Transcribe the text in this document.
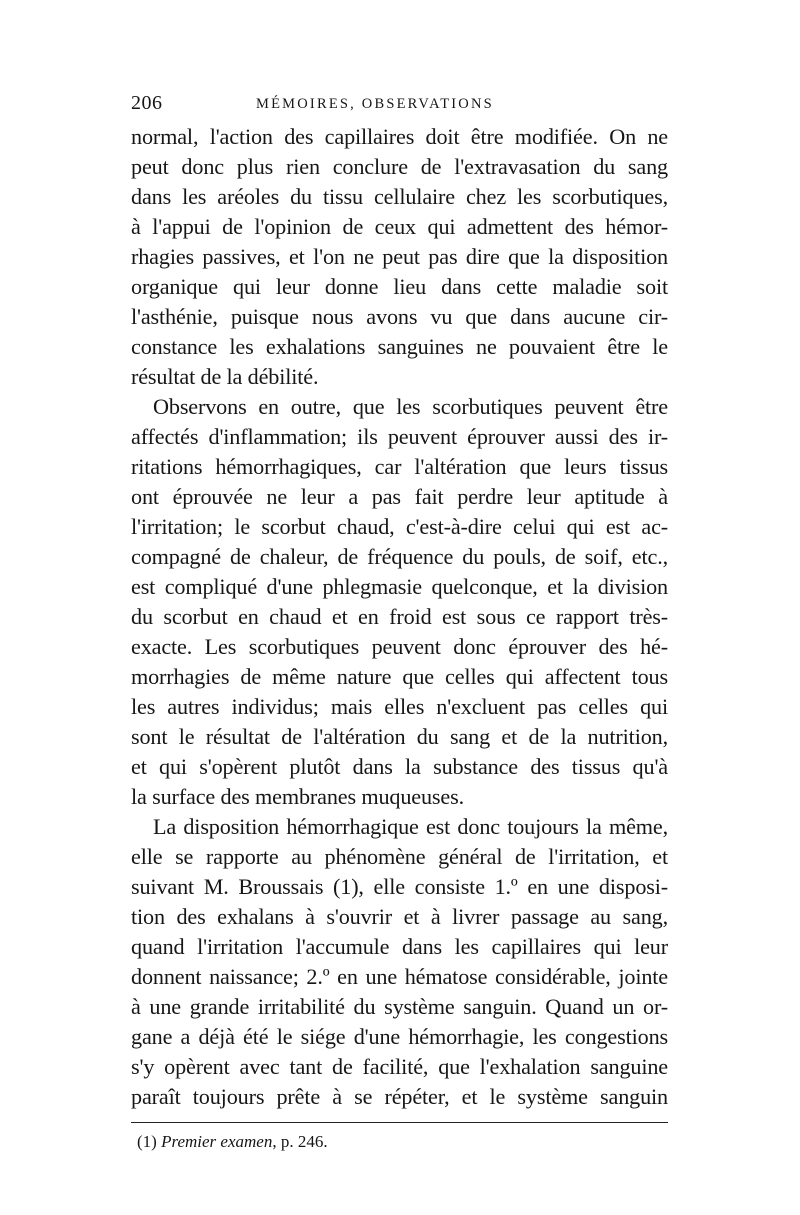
206	MÉMOIRES, OBSERVATIONS
normal, l'action des capillaires doit être modifiée. On ne
peut donc plus rien conclure de l'extravasation du sang
dans les aréoles du tissu cellulaire chez les scorbutiques,
à l'appui de l'opinion de ceux qui admettent des hémor-
rhagies passives, et l'on ne peut pas dire que la disposition
organique qui leur donne lieu dans cette maladie soit
l'asthénie, puisque nous avons vu que dans aucune cir-
constance les exhalations sanguines ne pouvaient être le
résultat de la débilité.
Observons en outre, que les scorbutiques peuvent être
affectés d'inflammation; ils peuvent éprouver aussi des ir-
ritations hémorrhagiques, car l'altération que leurs tissus
ont éprouvée ne leur a pas fait perdre leur aptitude à
l'irritation; le scorbut chaud, c'est-à-dire celui qui est ac-
compagné de chaleur, de fréquence du pouls, de soif, etc.,
est compliqué d'une phlegmasie quelconque, et la division
du scorbut en chaud et en froid est sous ce rapport très-
exacte. Les scorbutiques peuvent donc éprouver des hé-
morrhagies de même nature que celles qui affectent tous
les autres individus; mais elles n'excluent pas celles qui
sont le résultat de l'altération du sang et de la nutrition,
et qui s'opèrent plutôt dans la substance des tissus qu'à
la surface des membranes muqueuses.
La disposition hémorrhagique est donc toujours la même,
elle se rapporte au phénomène général de l'irritation, et
suivant M. Broussais (1), elle consiste 1.º en une disposi-
tion des exhalans à s'ouvrir et à livrer passage au sang,
quand l'irritation l'accumule dans les capillaires qui leur
donnent naissance; 2.º en une hématose considérable, jointe
à une grande irritabilité du système sanguin. Quand un or-
gane a déjà été le siége d'une hémorrhagie, les congestions
s'y opèrent avec tant de facilité, que l'exhalation sanguine
paraît toujours prête à se répéter, et le système sanguin
(1) Premier examen, p. 246.
